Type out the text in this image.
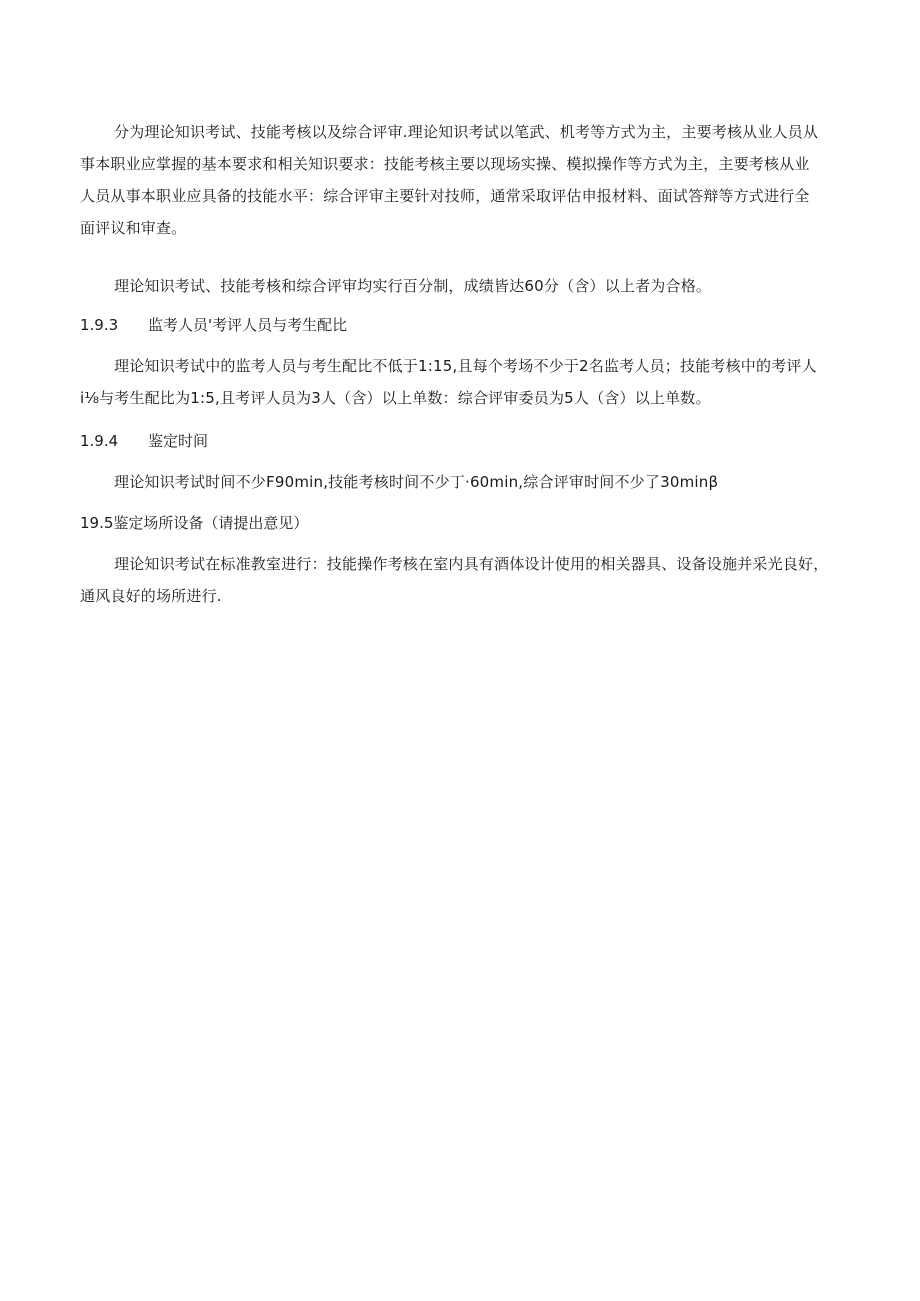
分为理论知识考试、技能考核以及综合评审.理论知识考试以笔武、机考等方式为主，主要考核从业人员从
事本职业应掌握的基本要求和相关知识要求：技能考核主要以现场实操、模拟操作等方式为主，主要考核从业
人员从事本职业应具备的技能水平：综合评审主要针对技师，通常采取评估申报材料、面试答辩等方式进行全
面评议和审查。
理论知识考试、技能考核和综合评审均实行百分制，成绩皆达60分（含）以上者为合格。
1.9.3 监考人员'考评人员与考生配比
理论知识考试中的监考人员与考生配比不低于1:15,且每个考场不少于2名监考人员；技能考核中的考评人
i⅛与考生配比为1:5,且考评人员为3人（含）以上单数：综合评审委员为5人（含）以上单数。
1.9.4 鉴定时间
理论知识考试时间不少F90min,技能考核时间不少丁·60min,综合评审时间不少了30minβ
19.5鉴定场所设备（请提出意见）
理论知识考试在标准教室进行：技能操作考核在室内具有酒体设计使用的相关器具、设备设施并采光良好，
通风良好的场所进行.
